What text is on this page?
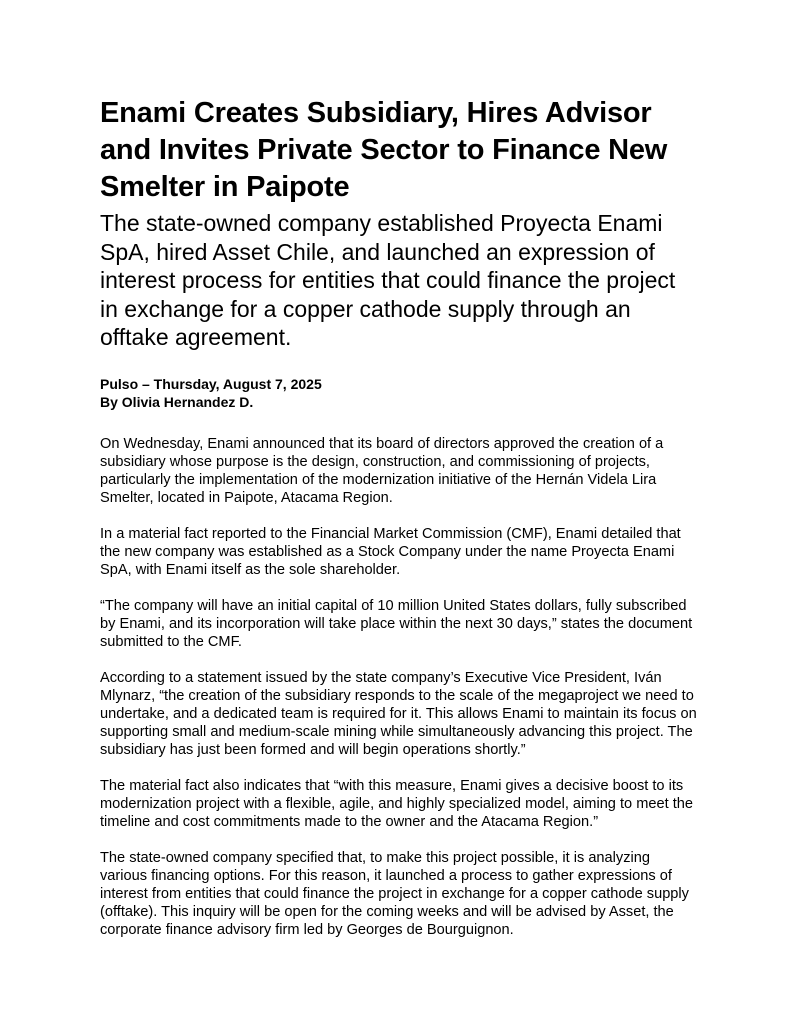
Enami Creates Subsidiary, Hires Advisor and Invites Private Sector to Finance New Smelter in Paipote
The state-owned company established Proyecta Enami SpA, hired Asset Chile, and launched an expression of interest process for entities that could finance the project in exchange for a copper cathode supply through an offtake agreement.
Pulso – Thursday, August 7, 2025
By Olivia Hernandez D.

On Wednesday, Enami announced that its board of directors approved the creation of a subsidiary whose purpose is the design, construction, and commissioning of projects, particularly the implementation of the modernization initiative of the Hernán Videla Lira Smelter, located in Paipote, Atacama Region.

In a material fact reported to the Financial Market Commission (CMF), Enami detailed that the new company was established as a Stock Company under the name Proyecta Enami SpA, with Enami itself as the sole shareholder.

“The company will have an initial capital of 10 million United States dollars, fully subscribed by Enami, and its incorporation will take place within the next 30 days,” states the document submitted to the CMF.

According to a statement issued by the state company’s Executive Vice President, Iván Mlynarz, “the creation of the subsidiary responds to the scale of the megaproject we need to undertake, and a dedicated team is required for it. This allows Enami to maintain its focus on supporting small and medium-scale mining while simultaneously advancing this project. The subsidiary has just been formed and will begin operations shortly.”

The material fact also indicates that “with this measure, Enami gives a decisive boost to its modernization project with a flexible, agile, and highly specialized model, aiming to meet the timeline and cost commitments made to the owner and the Atacama Region.”

The state-owned company specified that, to make this project possible, it is analyzing various financing options. For this reason, it launched a process to gather expressions of interest from entities that could finance the project in exchange for a copper cathode supply (offtake). This inquiry will be open for the coming weeks and will be advised by Asset, the corporate finance advisory firm led by Georges de Bourguignon.
